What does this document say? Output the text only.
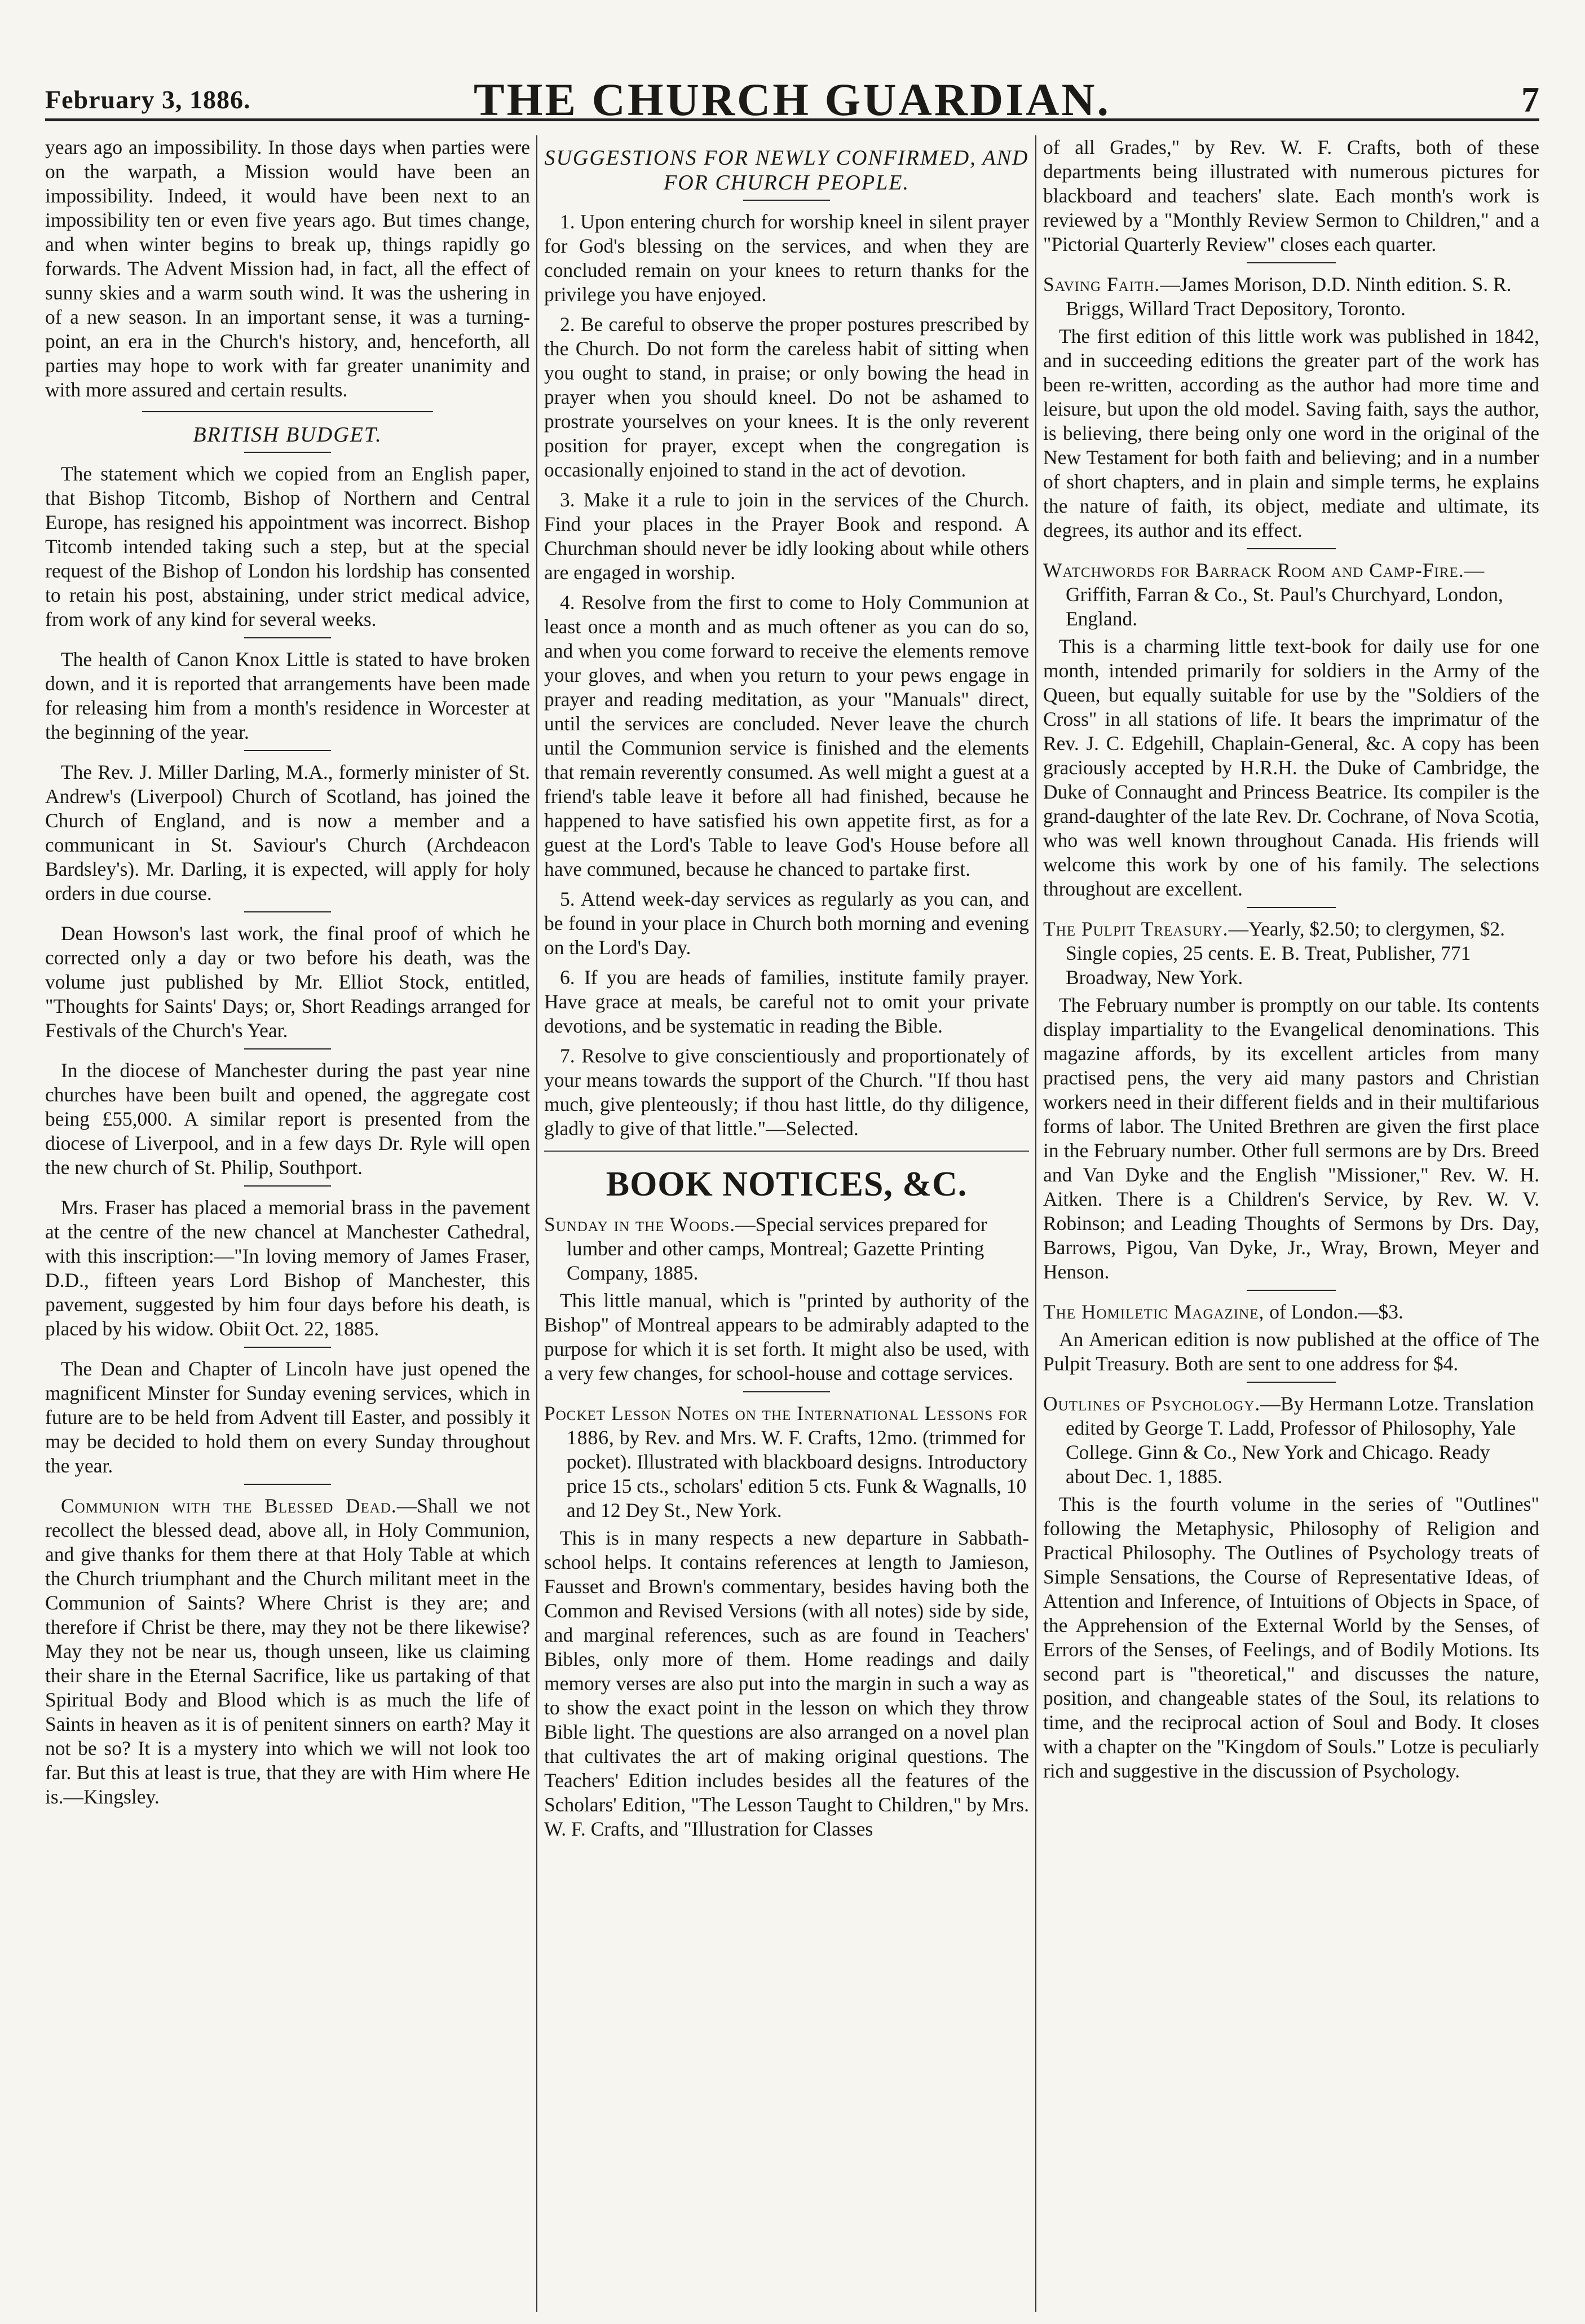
February 3, 1886.	THE CHURCH GUARDIAN.	7

years ago an impossibility. In those days when parties were on the warpath, a Mission would have been an impossibility. Indeed, it would have been next to an impossibility ten or even five years ago. But times change, and when winter begins to break up, things rapidly go forwards. The Advent Mission had, in fact, all the effect of sunny skies and a warm south wind. It was the ushering in of a new season. In an important sense, it was a turning-point, an era in the Church's history, and, henceforth, all parties may hope to work with far greater unanimity and with more assured and certain results.

BRITISH BUDGET.

The statement which we copied from an English paper, that Bishop Titcomb, Bishop of Northern and Central Europe, has resigned his appointment was incorrect. Bishop Titcomb intended taking such a step, but at the special request of the Bishop of London his lordship has consented to retain his post, abstaining, under strict medical advice, from work of any kind for several weeks.

The health of Canon Knox Little is stated to have broken down, and it is reported that arrangements have been made for releasing him from a month's residence in Worcester at the beginning of the year.

The Rev. J. Miller Darling, M.A., formerly minister of St. Andrew's (Liverpool) Church of Scotland, has joined the Church of England, and is now a member and a communicant in St. Saviour's Church (Archdeacon Bardsley's). Mr. Darling, it is expected, will apply for holy orders in due course.

Dean Howson's last work, the final proof of which he corrected only a day or two before his death, was the volume just published by Mr. Elliot Stock, entitled, "Thoughts for Saints' Days; or, Short Readings arranged for Festivals of the Church's Year.

In the diocese of Manchester during the past year nine churches have been built and opened, the aggregate cost being £55,000. A similar report is presented from the diocese of Liverpool, and in a few days Dr. Ryle will open the new church of St. Philip, Southport.

Mrs. Fraser has placed a memorial brass in the pavement at the centre of the new chancel at Manchester Cathedral, with this inscription:—"In loving memory of James Fraser, D.D., fifteen years Lord Bishop of Manchester, this pavement, suggested by him four days before his death, is placed by his widow. Obiit Oct. 22, 1885.

The Dean and Chapter of Lincoln have just opened the magnificent Minster for Sunday evening services, which in future are to be held from Advent till Easter, and possibly it may be decided to hold them on every Sunday throughout the year.

Communion with the Blessed Dead.—Shall we not recollect the blessed dead, above all, in Holy Communion, and give thanks for them there at that Holy Table at which the Church triumphant and the Church militant meet in the Communion of Saints? Where Christ is they are; and therefore if Christ be there, may they not be there likewise? May they not be near us, though unseen, like us claiming their share in the Eternal Sacrifice, like us partaking of that Spiritual Body and Blood which is as much the life of Saints in heaven as it is of penitent sinners on earth? May it not be so? It is a mystery into which we will not look too far. But this at least is true, that they are with Him where He is.—Kingsley.

SUGGESTIONS FOR NEWLY CONFIRMED, AND FOR CHURCH PEOPLE.

1. Upon entering church for worship kneel in silent prayer for God's blessing on the services, and when they are concluded remain on your knees to return thanks for the privilege you have enjoyed.

2. Be careful to observe the proper postures prescribed by the Church. Do not form the careless habit of sitting when you ought to stand, in praise; or only bowing the head in prayer when you should kneel. Do not be ashamed to prostrate yourselves on your knees. It is the only reverent position for prayer, except when the congregation is occasionally enjoined to stand in the act of devotion.

3. Make it a rule to join in the services of the Church. Find your places in the Prayer Book and respond. A Churchman should never be idly looking about while others are engaged in worship.

4. Resolve from the first to come to Holy Communion at least once a month and as much oftener as you can do so, and when you come forward to receive the elements remove your gloves, and when you return to your pews engage in prayer and reading meditation, as your "Manuals" direct, until the services are concluded. Never leave the church until the Communion service is finished and the elements that remain reverently consumed. As well might a guest at a friend's table leave it before all had finished, because he happened to have satisfied his own appetite first, as for a guest at the Lord's Table to leave God's House before all have communed, because he chanced to partake first.

5. Attend week-day services as regularly as you can, and be found in your place in Church both morning and evening on the Lord's Day.

6. If you are heads of families, institute family prayer. Have grace at meals, be careful not to omit your private devotions, and be systematic in reading the Bible.

7. Resolve to give conscientiously and proportionately of your means towards the support of the Church. "If thou hast much, give plenteously; if thou hast little, do thy diligence, gladly to give of that little."—Selected.

BOOK NOTICES, &C.
Sunday in the Woods.—Special services prepared for lumber and other camps, Montreal; Gazette Printing Company, 1885.

This little manual, which is "printed by authority of the Bishop" of Montreal appears to be admirably adapted to the purpose for which it is set forth. It might also be used, with a very few changes, for school-house and cottage services.

Pocket Lesson Notes on the International Lessons for 1886, by Rev. and Mrs. W. F. Crafts, 12mo. (trimmed for pocket). Illustrated with blackboard designs. Introductory price 15 cts., scholars' edition 5 cts. Funk & Wagnalls, 10 and 12 Dey St., New York.

This is in many respects a new departure in Sabbath-school helps. It contains references at length to Jamieson, Fausset and Brown's commentary, besides having both the Common and Revised Versions (with all notes) side by side, and marginal references, such as are found in Teachers' Bibles, only more of them. Home readings and daily memory verses are also put into the margin in such a way as to show the exact point in the lesson on which they throw Bible light. The questions are also arranged on a novel plan that cultivates the art of making original questions. The Teachers' Edition includes besides all the features of the Scholars' Edition, "The Lesson Taught to Children," by Mrs. W. F. Crafts, and "Illustration for Classes

of all Grades," by Rev. W. F. Crafts, both of these departments being illustrated with numerous pictures for blackboard and teachers' slate. Each month's work is reviewed by a "Monthly Review Sermon to Children," and a "Pictorial Quarterly Review" closes each quarter.

Saving Faith.—James Morison, D.D. Ninth edition. S. R. Briggs, Willard Tract Depository, Toronto.

The first edition of this little work was published in 1842, and in succeeding editions the greater part of the work has been re-written, according as the author had more time and leisure, but upon the old model. Saving faith, says the author, is believing, there being only one word in the original of the New Testament for both faith and believing; and in a number of short chapters, and in plain and simple terms, he explains the nature of faith, its object, mediate and ultimate, its degrees, its author and its effect.

Watchwords for Barrack Room and Camp-Fire.—Griffith, Farran & Co., St. Paul's Churchyard, London, England.

This is a charming little text-book for daily use for one month, intended primarily for soldiers in the Army of the Queen, but equally suitable for use by the "Soldiers of the Cross" in all stations of life. It bears the imprimatur of the Rev. J. C. Edgehill, Chaplain-General, &c. A copy has been graciously accepted by H.R.H. the Duke of Cambridge, the Duke of Connaught and Princess Beatrice. Its compiler is the grand-daughter of the late Rev. Dr. Cochrane, of Nova Scotia, who was well known throughout Canada. His friends will welcome this work by one of his family. The selections throughout are excellent.

The Pulpit Treasury.—Yearly, $2.50; to clergymen, $2. Single copies, 25 cents. E. B. Treat, Publisher, 771 Broadway, New York.

The February number is promptly on our table. Its contents display impartiality to the Evangelical denominations. This magazine affords, by its excellent articles from many practised pens, the very aid many pastors and Christian workers need in their different fields and in their multifarious forms of labor. The United Brethren are given the first place in the February number. Other full sermons are by Drs. Breed and Van Dyke and the English "Missioner," Rev. W. H. Aitken. There is a Children's Service, by Rev. W. V. Robinson; and Leading Thoughts of Sermons by Drs. Day, Barrows, Pigou, Van Dyke, Jr., Wray, Brown, Meyer and Henson.

The Homiletic Magazine, of London.—$3.

An American edition is now published at the office of The Pulpit Treasury. Both are sent to one address for $4.

Outlines of Psychology.—By Hermann Lotze. Translation edited by George T. Ladd, Professor of Philosophy, Yale College. Ginn & Co., New York and Chicago. Ready about Dec. 1, 1885.

This is the fourth volume in the series of "Outlines" following the Metaphysic, Philosophy of Religion and Practical Philosophy. The Outlines of Psychology treats of Simple Sensations, the Course of Representative Ideas, of Attention and Inference, of Intuitions of Objects in Space, of the Apprehension of the External World by the Senses, of Errors of the Senses, of Feelings, and of Bodily Motions. Its second part is "theoretical," and discusses the nature, position, and changeable states of the Soul, its relations to time, and the reciprocal action of Soul and Body. It closes with a chapter on the "Kingdom of Souls." Lotze is peculiarly rich and suggestive in the discussion of Psychology.
